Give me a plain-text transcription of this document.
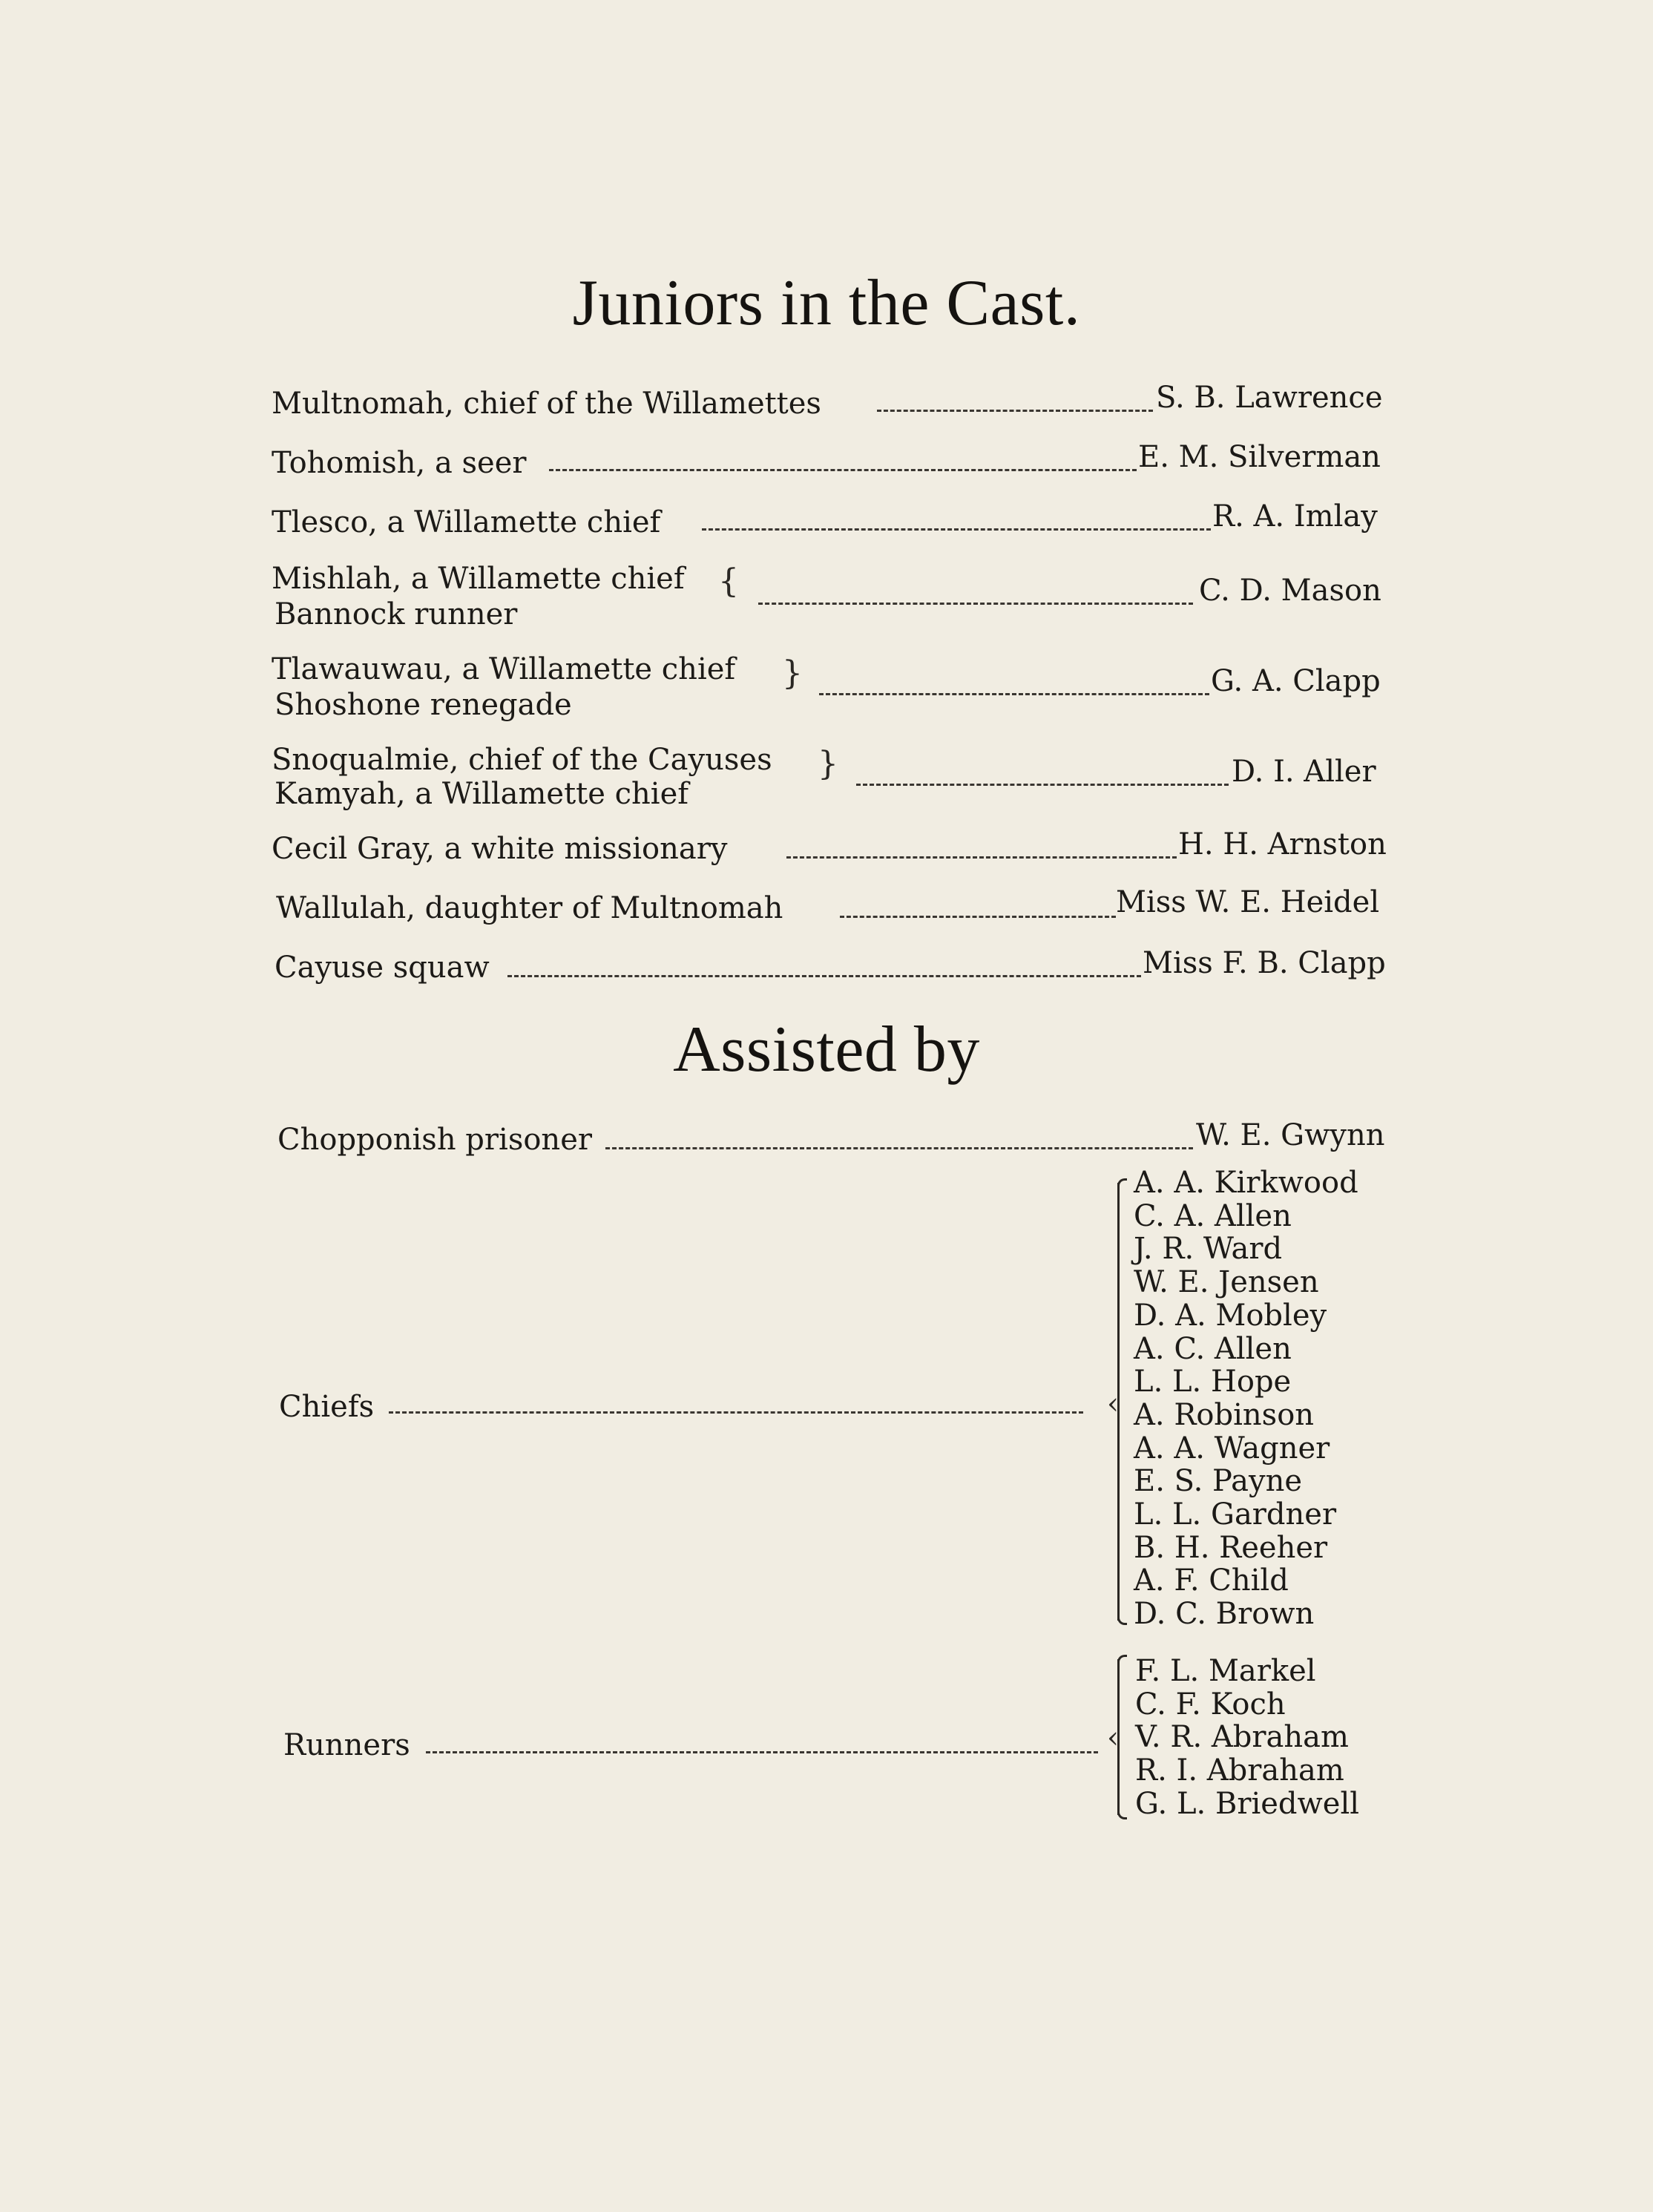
Juniors in the Cast.
Multnomah, chief of the Willamettes	S. B. Lawrence
Tohomish, a seer	E. M. Silverman
Tlesco, a Willamette chief	R. A. Imlay
Mishlah, a Willamette chief
Bannock runner
{	C. D. Mason
Tlawauwau, a Willamette chief
Shoshone renegade
}	G. A. Clapp
Snoqualmie, chief of the Cayuses
Kamyah, a Willamette chief
}	D. I. Aller
Cecil Gray, a white missionary	H. H. Arnston
Wallulah, daughter of Multnomah	Miss W. E. Heidel
Cayuse squaw	Miss F. B. Clapp
Assisted by
Chopponish prisoner	W. E. Gwynn
Chiefs	‹
A. A. Kirkwood
C. A. Allen
J. R. Ward
W. E. Jensen
D. A. Mobley
A. C. Allen
L. L. Hope
A. Robinson
A. A. Wagner
E. S. Payne
L. L. Gardner
B. H. Reeher
A. F. Child
D. C. Brown
Runners	‹
F. L. Markel
C. F. Koch
V. R. Abraham
R. I. Abraham
G. L. Briedwell
